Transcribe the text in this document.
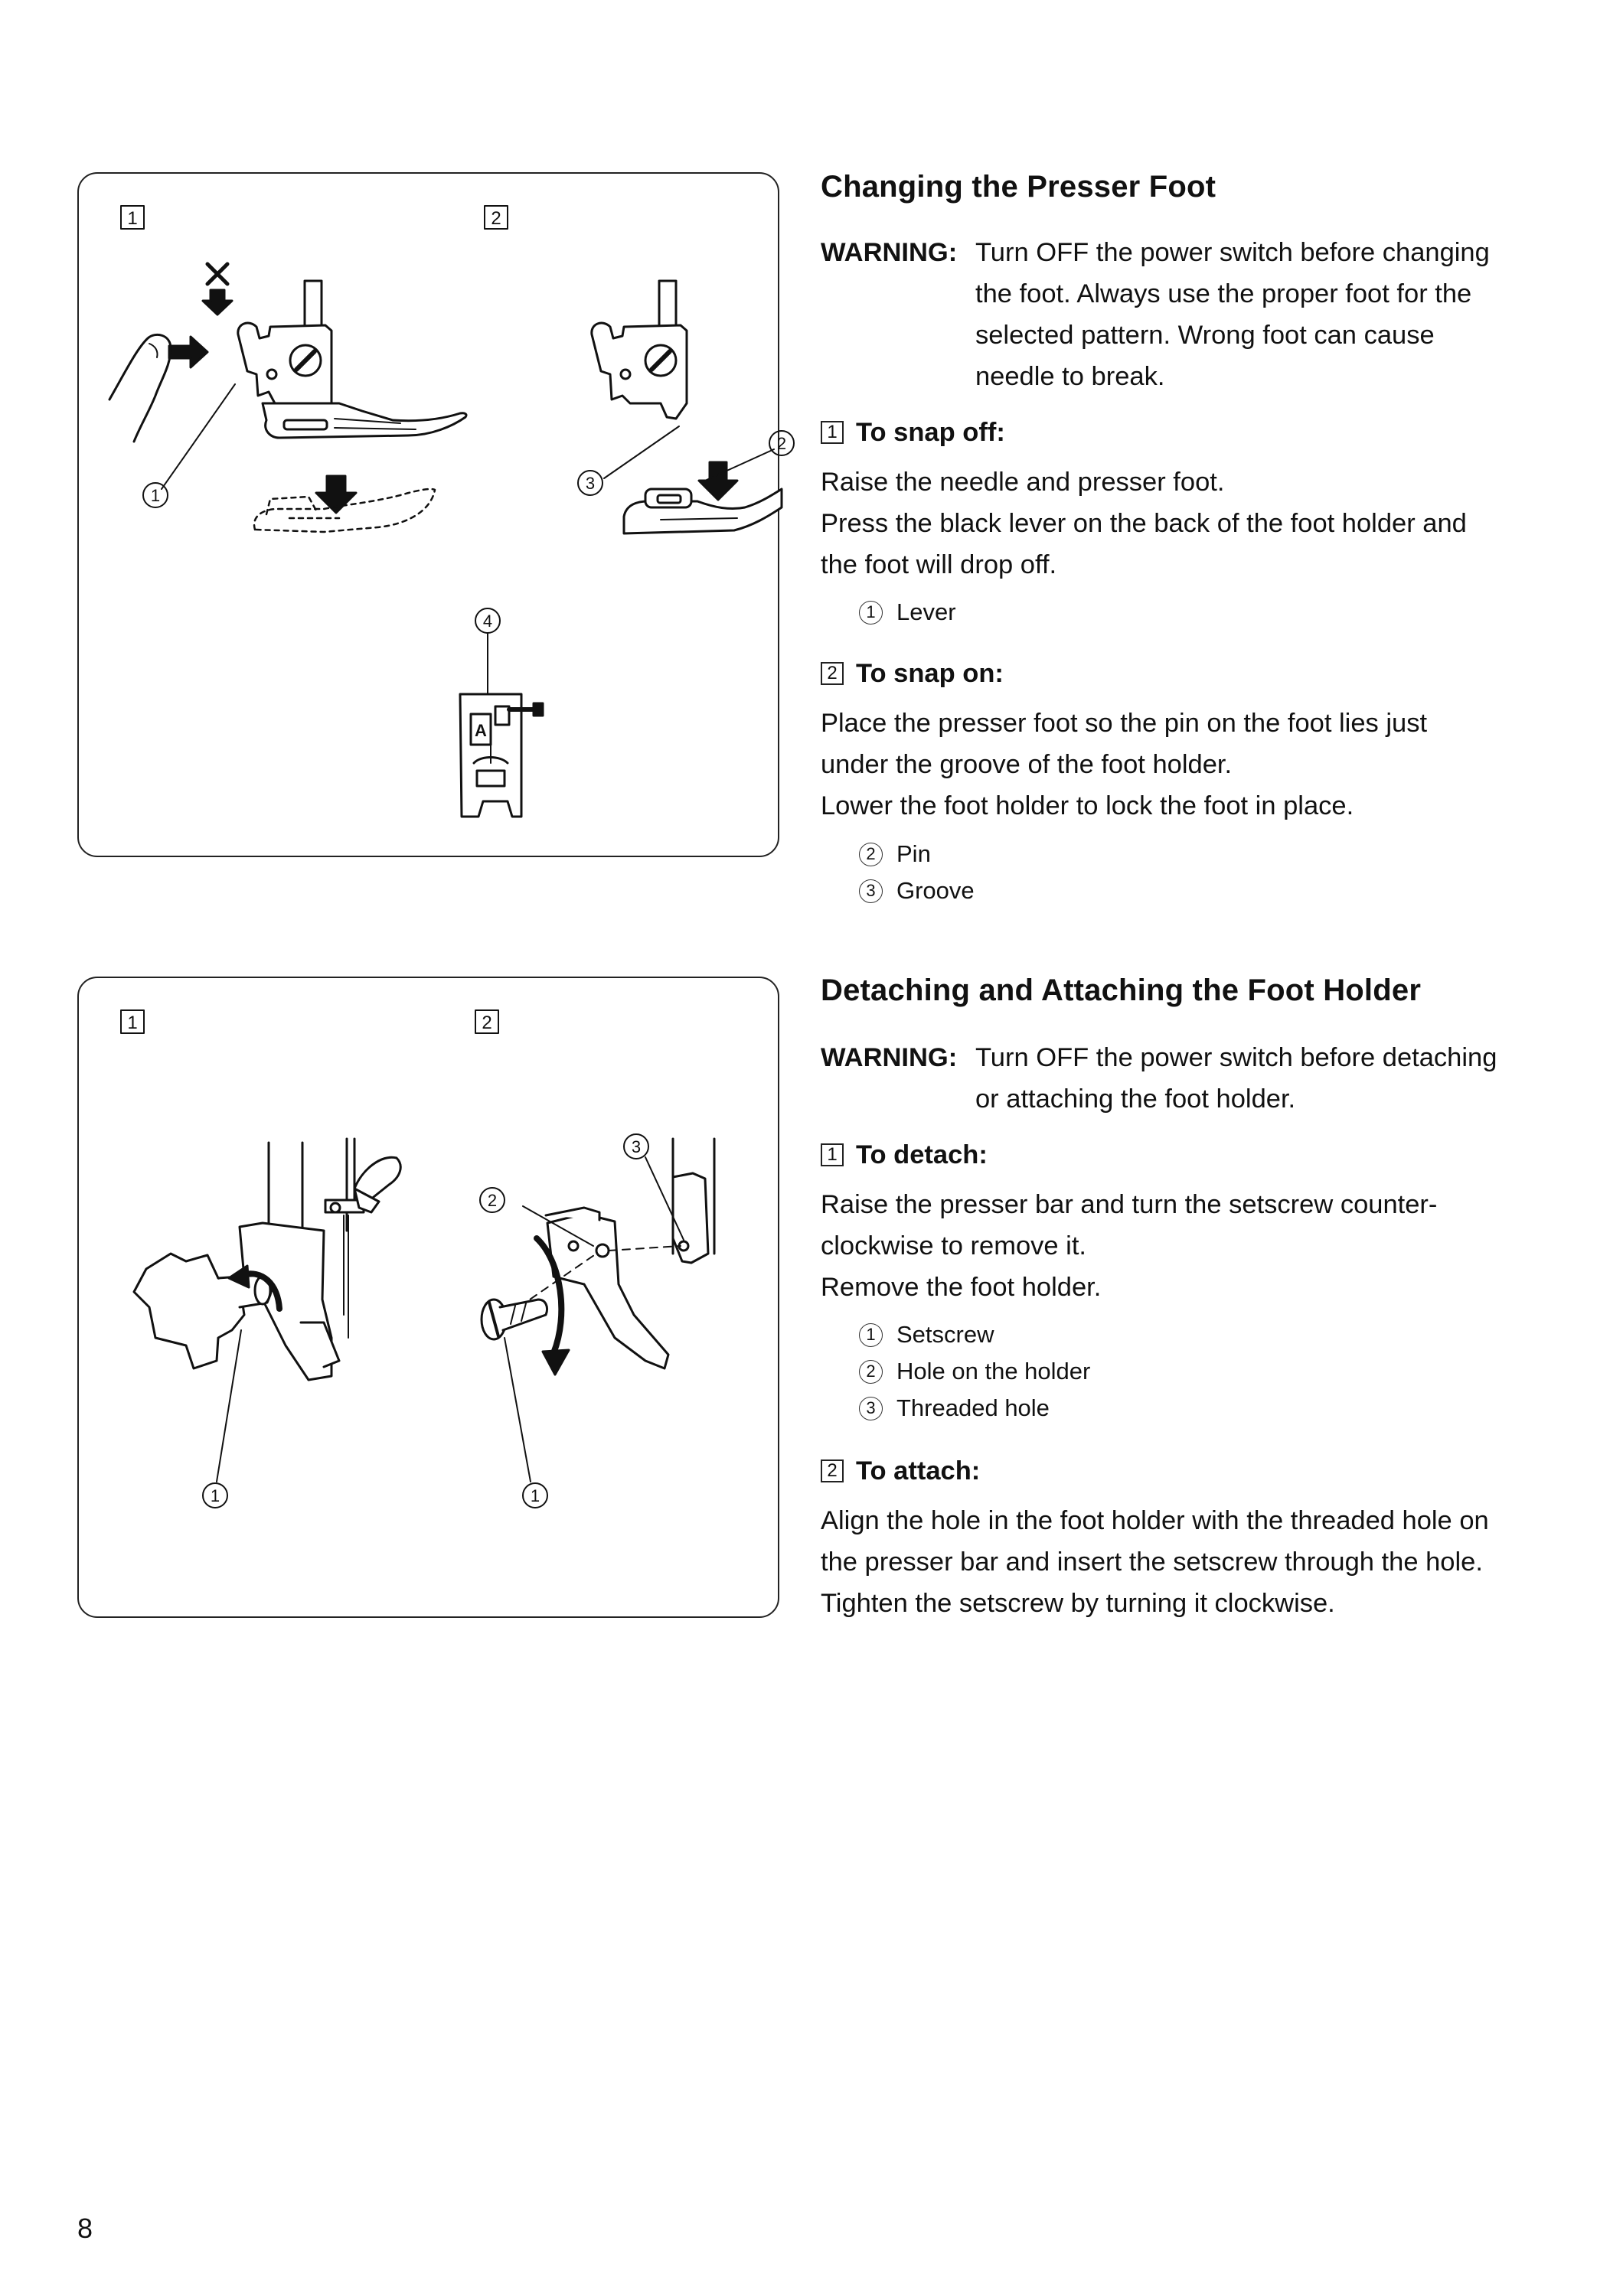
1	2
1
2
3
4
A
1	2
1	1
2
3
Changing the Presser Foot
WARNING: Turn OFF the power switch before changing
the foot. Always use the proper foot for the
selected pattern. Wrong foot can cause
needle to break.
1 To snap off:
Raise the needle and presser foot.
Press the black lever on the back of the foot holder and
the foot will drop off.
1 Lever
2 To snap on:
Place the presser foot so the pin on the foot lies just
under the groove of the foot holder.
Lower the foot holder to lock the foot in place.
2 Pin
3 Groove
Detaching and Attaching the Foot Holder
WARNING: Turn OFF the power switch before detaching
or attaching the foot holder.
1 To detach:
Raise the presser bar and turn the setscrew counter-
clockwise to remove it.
Remove the foot holder.
1 Setscrew
2 Hole on the holder
3 Threaded hole
2 To attach:
Align the hole in the foot holder with the threaded hole on
the presser bar and insert the setscrew through the hole.
Tighten the setscrew by turning it clockwise.
8
